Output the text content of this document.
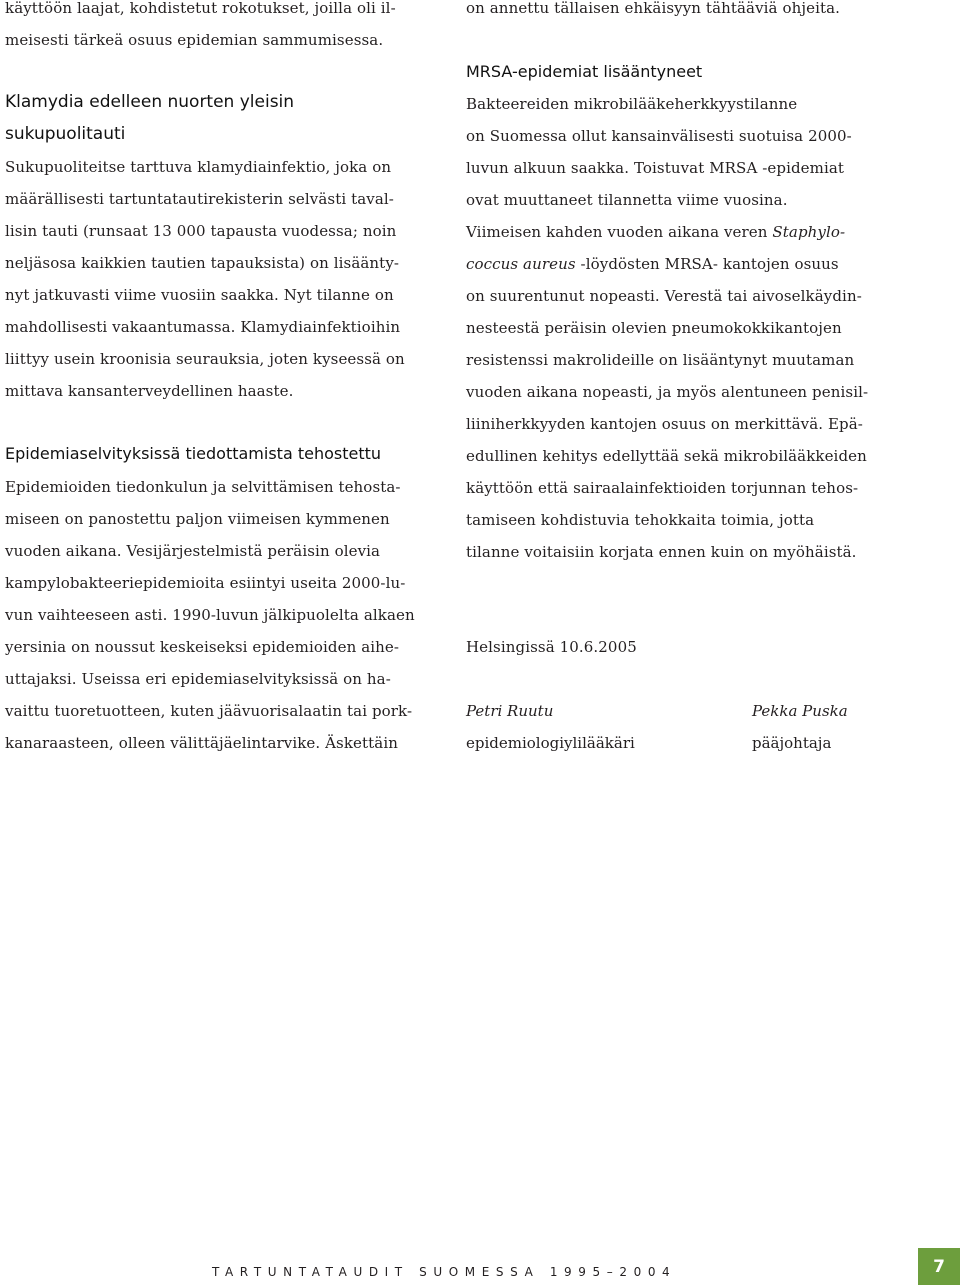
käyttöön laajat, kohdistetut rokotukset, joilla oli il-
meisesti tärkeä osuus epidemian sammumisessa.
Klamydia edelleen nuorten yleisin
sukupuolitauti
Sukupuoliteitse tarttuva klamydiainfektio, joka on
määrällisesti tartuntatautirekisterin selvästi taval-
lisin tauti (runsaat 13 000 tapausta vuodessa; noin
neljäsosa kaikkien tautien tapauksista) on lisäänty-
nyt jatkuvasti viime vuosiin saakka. Nyt tilanne on
mahdollisesti vakaantumassa. Klamydiainfektioihin
liittyy usein kroonisia seurauksia, joten kyseessä on
mittava kansanterveydellinen haaste.
Epidemiaselvityksissä tiedottamista tehostettu
Epidemioiden tiedonkulun ja selvittämisen tehosta-
miseen on panostettu paljon viimeisen kymmenen
vuoden aikana. Vesijärjestelmistä peräisin olevia
kampylobakteeriepidemioita esiintyi useita 2000-lu-
vun vaihteeseen asti. 1990-luvun jälkipuolelta alkaen
yersinia on noussut keskeiseksi epidemioiden aihe-
uttajaksi. Useissa eri epidemiaselvityksissä on ha-
vaittu tuoretuotteen, kuten jäävuorisalaatin tai pork-
kanaraasteen, olleen välittäjäelintarvike. Äskettäin
on annettu tällaisen ehkäisyyn tähtääviä ohjeita.
MRSA-epidemiat lisääntyneet
Bakteereiden mikrobilääkeherkkyystilanne
on Suomessa ollut kansainvälisesti suotuisa 2000-
luvun alkuun saakka. Toistuvat MRSA -epidemiat
ovat muuttaneet tilannetta viime vuosina.
Viimeisen kahden vuoden aikana veren Staphylo-
coccus aureus -löydösten MRSA- kantojen osuus
on suurentunut nopeasti. Verestä tai aivoselkäydin-
nesteestä peräisin olevien pneumokokkikantojen
resistenssi makrolideille on lisääntynyt muutaman
vuoden aikana nopeasti, ja myös alentuneen penisil-
liiniherkkyyden kantojen osuus on merkittävä. Epä-
edullinen kehitys edellyttää sekä mikrobilääkkeiden
käyttöön että sairaalainfektioiden torjunnan tehos-
tamiseen kohdistuvia tehokkaita toimia, jotta
tilanne voitaisiin korjata ennen kuin on myöhäistä.
Helsingissä 10.6.2005
Petri Ruutu
epidemiologiylilääkäri
Pekka Puska
pääjohtaja
TARTUNTATAUDIT SUOMESSA 1995–2004	7
